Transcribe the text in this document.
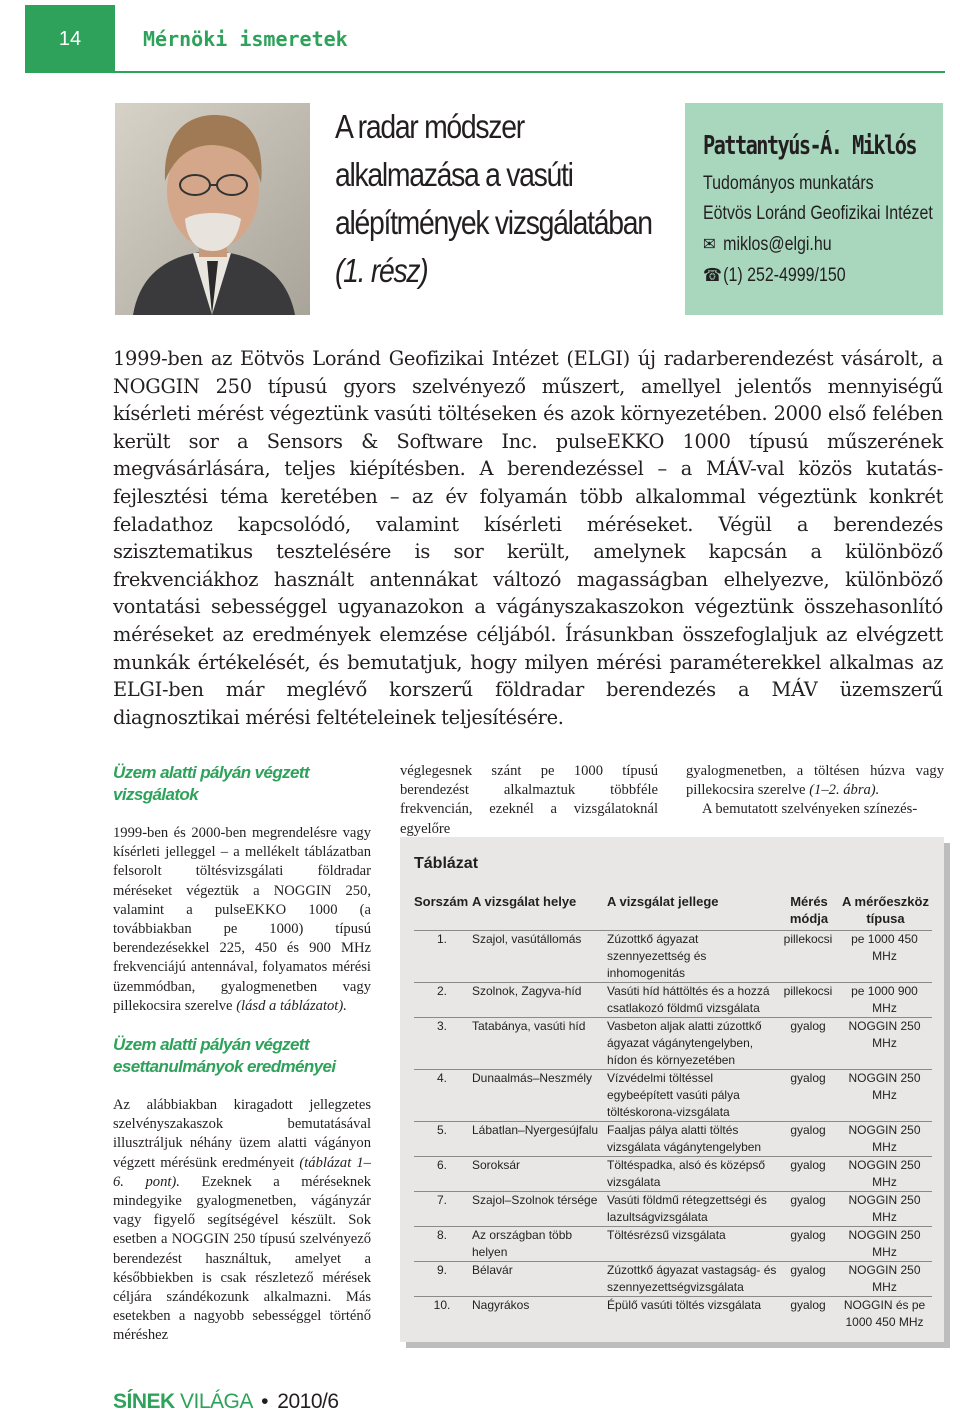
14	Mérnöki ismeretek
A radar módszer
alkalmazása a vasúti
alépítmények vizsgálatában
(1. rész)
Pattantyús-Á. Miklós
Tudományos munkatárs
Eötvös Loránd Geofizikai Intézet
✉ miklos@elgi.hu
☎(1) 252-4999/150
1999-ben az Eötvös Loránd Geofizikai Intézet (ELGI) új radarberendezést vásárolt, a NOGGIN 250 típusú gyors szelvényező műszert, amellyel jelentős mennyiségű kísérleti mérést végeztünk vasúti töltéseken és azok környezetében. 2000 első felében került sor a Sensors & Software Inc. pulseEKKO 1000 típusú műszerének megvásárlására, teljes kiépítésben. A berendezéssel – a MÁV-val közös kutatás-fejlesztési téma keretében – az év folyamán több alkalommal végeztünk konkrét feladathoz kapcsolódó, valamint kísérleti méréseket. Végül a berendezés szisztematikus tesztelésére is sor került, amelynek kapcsán a különböző frekvenciákhoz használt antennákat változó magasságban elhelyezve, különböző vontatási sebességgel ugyanazokon a vágányszakaszokon végeztünk összehasonlító méréseket az eredmények elemzése céljából. Írásunkban összefoglaljuk az elvégzett munkák értékelését, és bemutatjuk, hogy milyen mérési paraméterekkel alkalmas az ELGI-ben már meglévő korszerű földradar berendezés a MÁV üzemszerű diagnosztikai mérési feltételeinek teljesítésére.
Üzem alatti pályán végzett vizsgálatok

1999-ben és 2000-ben megrendelésre vagy kísérleti jelleggel – a mellékelt táblázatban felsorolt töltésvizsgálati földradar méréseket végeztük a NOGGIN 250, valamint a pulseEKKO 1000 (a továbbiakban pe 1000) típusú berendezésekkel 225, 450 és 900 MHz frekvenciájú antennával, folyamatos mérési üzemmódban, gyalogmenetben vagy pillekocsira szerelve (lásd a táblázatot).

Üzem alatti pályán végzett esettanulmányok eredményei

Az alábbiakban kiragadott jellegzetes szelvényszakaszok bemutatásával illusztráljuk néhány üzem alatti vágányon végzett mérésünk eredményeit (táblázat 1–6. pont). Ezeknek a méréseknek mindegyike gyalogmenetben, vágányzár vagy figyelő segítségével készült. Sok esetben a NOGGIN 250 típusú szelvényező berendezést használtuk, amelyet a későbbiekben is csak részletező mérések céljára szándékozunk alkalmazni. Más esetekben a nagyobb sebességgel történő méréshez

véglegesnek szánt pe 1000 típusú berendezést alkalmaztuk többféle frekvencián, ezeknél a vizsgálatoknál egyelőre

gyalogmenetben, a töltésen húzva vagy pillekocsira szerelve (1–2. ábra).

A bemutatott szelvényeken színezés-
Táblázat
Sorszám	A vizsgálat helye	A vizsgálat jellege	Mérés módja	A mérőeszköz típusa
1.	Szajol, vasútállomás	Zúzottkő ágyazat szennyezettség és inhomogenitás	pillekocsi	pe 1000 450 MHz
2.	Szolnok, Zagyva-híd	Vasúti híd háttöltés és a hozzá csatlakozó földmű vizsgálata	pillekocsi	pe 1000 900 MHz
3.	Tatabánya, vasúti híd	Vasbeton aljak alatti zúzottkő ágyazat vágánytengelyben, hídon és környezetében	gyalog	NOGGIN 250 MHz
4.	Dunaalmás–Neszmély	Vízvédelmi töltéssel egybeépített vasúti pálya töltéskorona-vizsgálata	gyalog	NOGGIN 250 MHz
5.	Lábatlan–Nyergesújfalu	Faaljas pálya alatti töltés vizsgálata vágánytengelyben	gyalog	NOGGIN 250 MHz
6.	Soroksár	Töltéspadka, alsó és középső vizsgálata	gyalog	NOGGIN 250 MHz
7.	Szajol–Szolnok térsége	Vasúti földmű rétegzettségi és lazultságvizsgálata	gyalog	NOGGIN 250 MHz
8.	Az országban több helyen	Töltésrézsű vizsgálata	gyalog	NOGGIN 250 MHz
9.	Bélavár	Zúzottkő ágyazat vastagság- és szennyezettségvizsgálata	gyalog	NOGGIN 250 MHz
10.	Nagyrákos	Épülő vasúti töltés vizsgálata	gyalog	NOGGIN és pe 1000 450 MHz
SÍNEK VILÁGA • 2010/6
